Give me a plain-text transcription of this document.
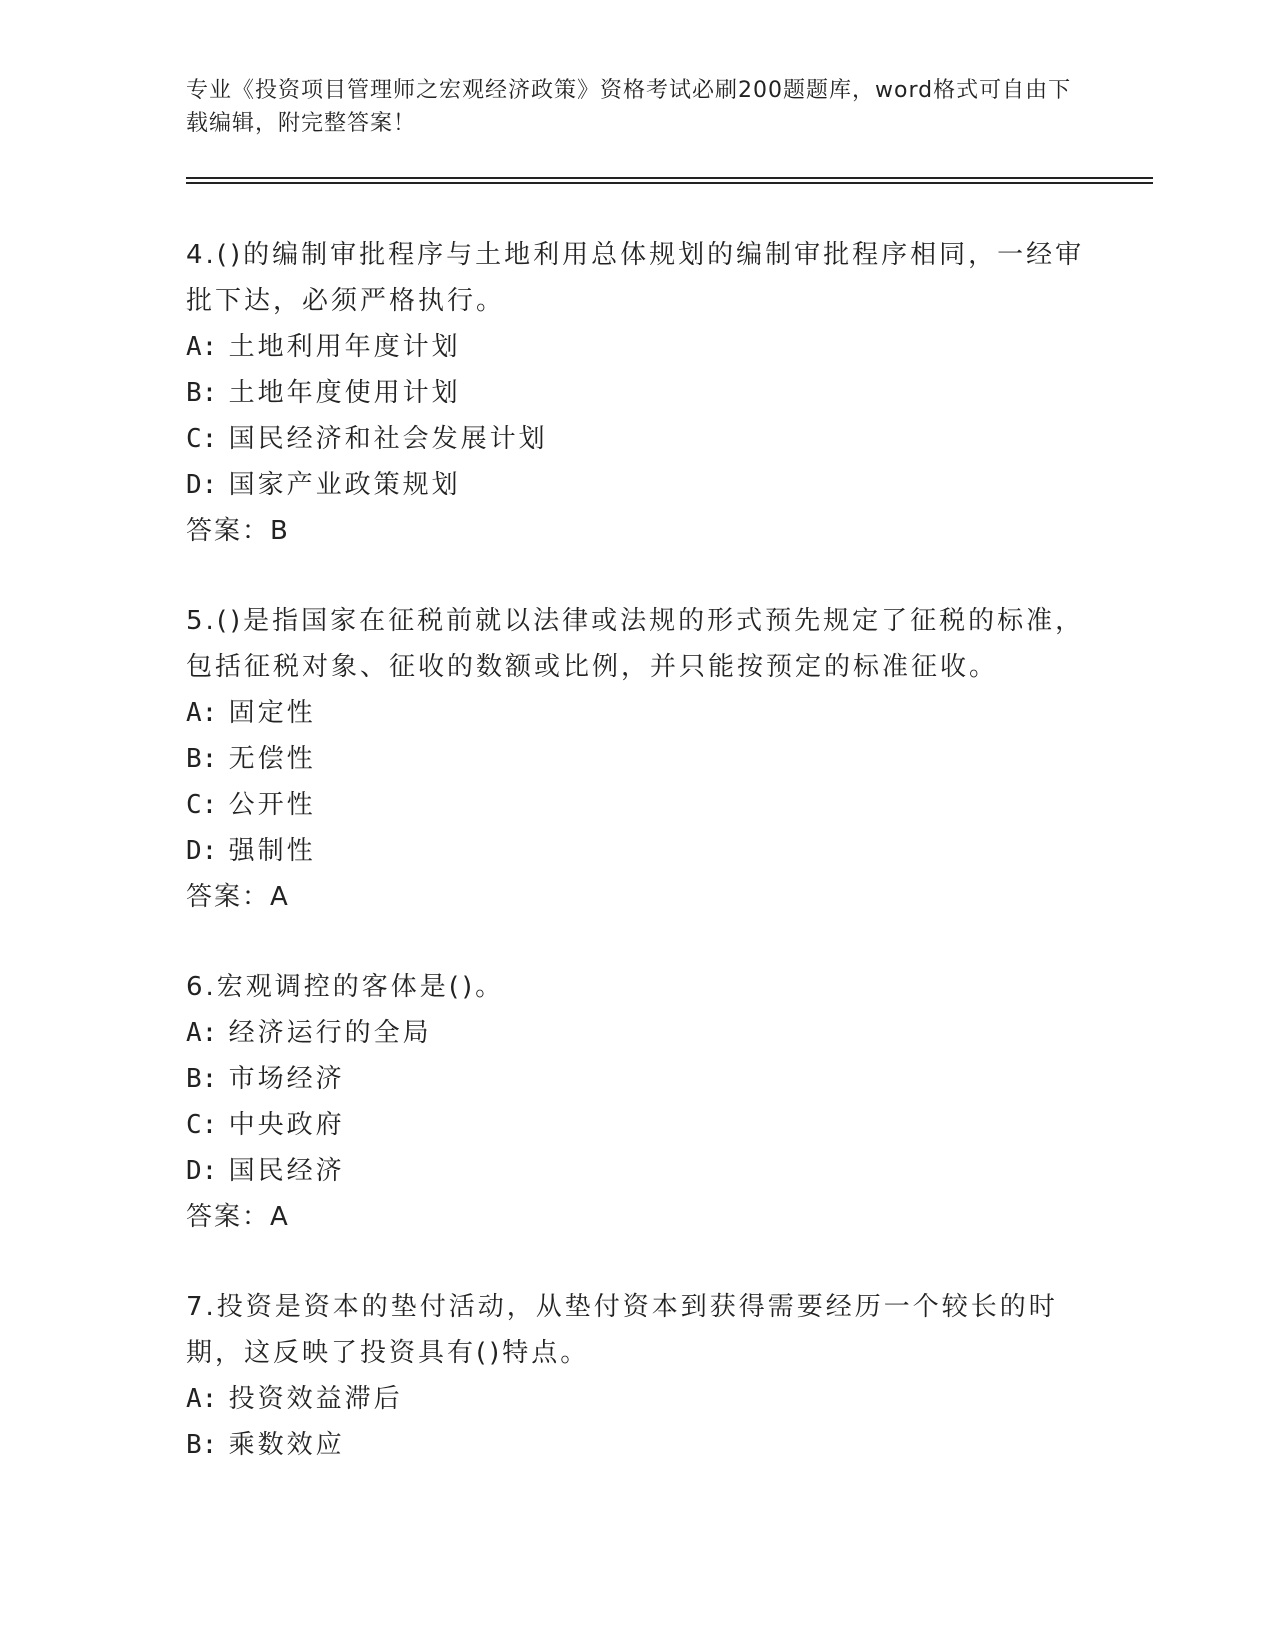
专业《投资项目管理师之宏观经济政策》资格考试必刷200题题库，word格式可自由下载编辑，附完整答案！
4.()的编制审批程序与土地利用总体规划的编制审批程序相同，一经审批下达，必须严格执行。
A: 土地利用年度计划
B: 土地年度使用计划
C: 国民经济和社会发展计划
D: 国家产业政策规划
答案：B
5.()是指国家在征税前就以法律或法规的形式预先规定了征税的标准，包括征税对象、征收的数额或比例，并只能按预定的标准征收。
A: 固定性
B: 无偿性
C: 公开性
D: 强制性
答案：A
6.宏观调控的客体是()。
A: 经济运行的全局
B: 市场经济
C: 中央政府
D: 国民经济
答案：A
7.投资是资本的垫付活动，从垫付资本到获得需要经历一个较长的时期，这反映了投资具有()特点。
A: 投资效益滞后
B: 乘数效应
